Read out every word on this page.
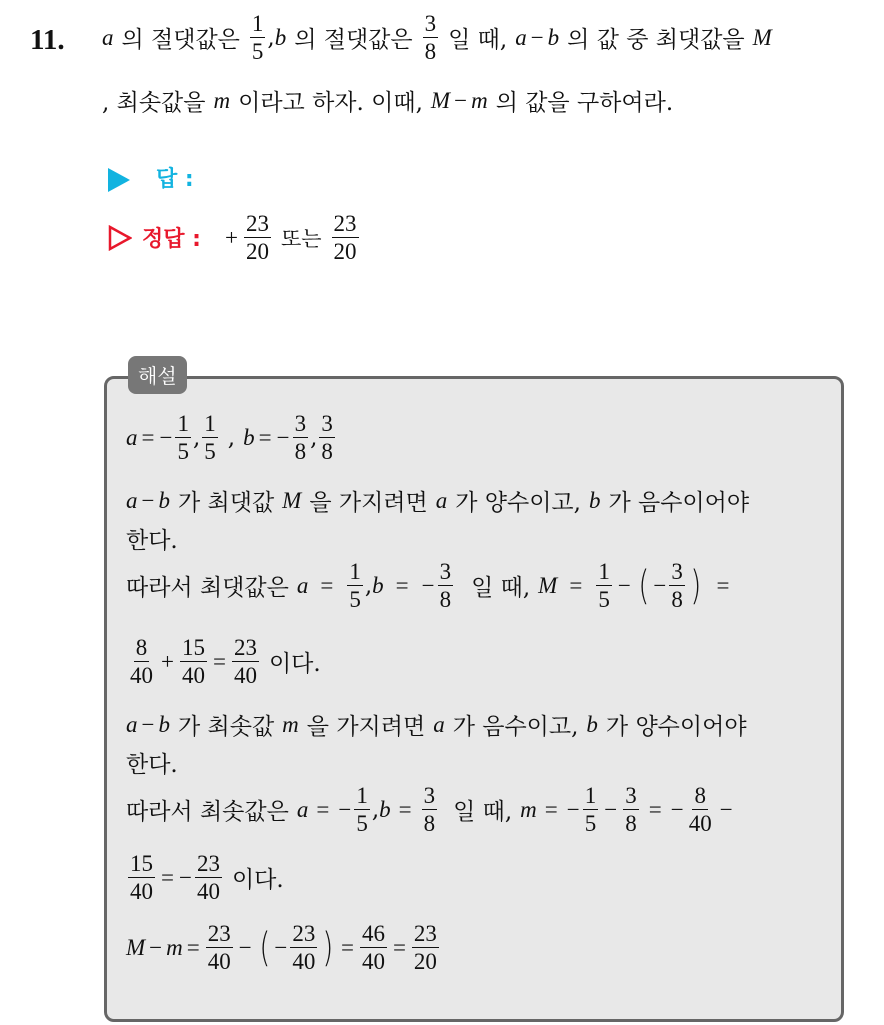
11. a 의 절댓값은 $\frac{1}{5}$ , b 의 절댓값은 $\frac{3}{8}$ 일 때, a − b 의 값 중 최댓값을 M
, 최솟값을 m 이라고 하자. 이때, M − m 의 값을 구하여라.
답 :
정답 : + $\frac{23}{20}$ 또는 $\frac{23}{20}$
해설
a = − $\frac{1}{5}$ , $\frac{1}{5}$ , b = − $\frac{3}{8}$ , $\frac{3}{8}$
a − b 가 최댓값 M 을 가지려면 a 가 양수이고, b 가 음수이어야
한다.
따라서 최댓값은 $a = \frac{1}{5}$ , b = − $\frac{3}{8}$ 일 때, $M = \frac{1}{5}$ − ( − $\frac{3}{8}$ ) =
$\frac{8}{40} + \frac{15}{40} = \frac{23}{40}$ 이다.
a − b 가 최솟값 m 을 가지려면 a 가 음수이고, b 가 양수이어야
한다.
따라서 최솟값은 a = − $\frac{1}{5}$ , $b = \frac{3}{8}$ 일 때, m = − $\frac{1}{5} - \frac{3}{8}$ = − $\frac{8}{40}$ −
$\frac{15}{40}$ = − $\frac{23}{40}$ 이다.
$M - m = \frac{23}{40}$ − ( − $\frac{23}{40}$ ) = $\frac{46}{40} = \frac{23}{20}$
